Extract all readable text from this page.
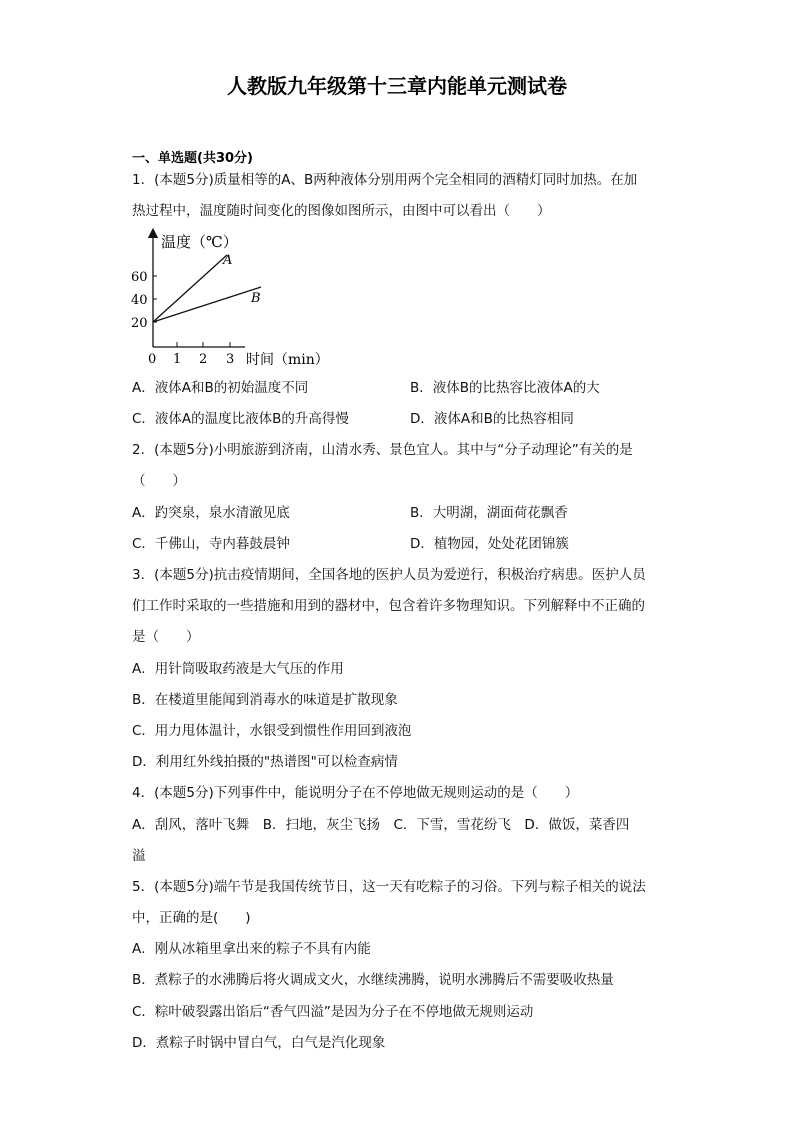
人教版九年级第十三章内能单元测试卷
一、单选题(共30分)
1．(本题5分)质量相等的A、B两种液体分别用两个完全相同的酒精灯同时加热。在加
热过程中，温度随时间变化的图像如图所示，由图中可以看出（　　）
温度（℃）
A
B
60
40
20
0 1 2 3 时间（min）
A．液体A和B的初始温度不同	B．液体B的比热容比液体A的大
C．液体A的温度比液体B的升高得慢	D．液体A和B的比热容相同
2．(本题5分)小明旅游到济南，山清水秀、景色宜人。其中与“分子动理论”有关的是
（　　）
A．趵突泉，泉水清澈见底	B．大明湖，湖面荷花飘香
C．千佛山，寺内暮鼓晨钟	D．植物园，处处花团锦簇
3．(本题5分)抗击疫情期间，全国各地的医护人员为爱逆行，积极治疗病患。医护人员
们工作时采取的一些措施和用到的器材中，包含着许多物理知识。下列解释中不正确的
是（　　）
A．用针筒吸取药液是大气压的作用
B．在楼道里能闻到消毒水的味道是扩散现象
C．用力甩体温计，水银受到惯性作用回到液泡
D．利用红外线拍摄的"热谱图"可以检查病情
4．(本题5分)下列事件中，能说明分子在不停地做无规则运动的是（　　）
A．刮风，落叶飞舞　B．扫地，灰尘飞扬　C．下雪，雪花纷飞　D．做饭，菜香四
溢
5．(本题5分)端午节是我国传统节日，这一天有吃粽子的习俗。下列与粽子相关的说法
中，正确的是(　　)
A．刚从冰箱里拿出来的粽子不具有内能
B．煮粽子的水沸腾后将火调成文火，水继续沸腾，说明水沸腾后不需要吸收热量
C．粽叶破裂露出馅后“香气四溢”是因为分子在不停地做无规则运动
D．煮粽子时锅中冒白气，白气是汽化现象
